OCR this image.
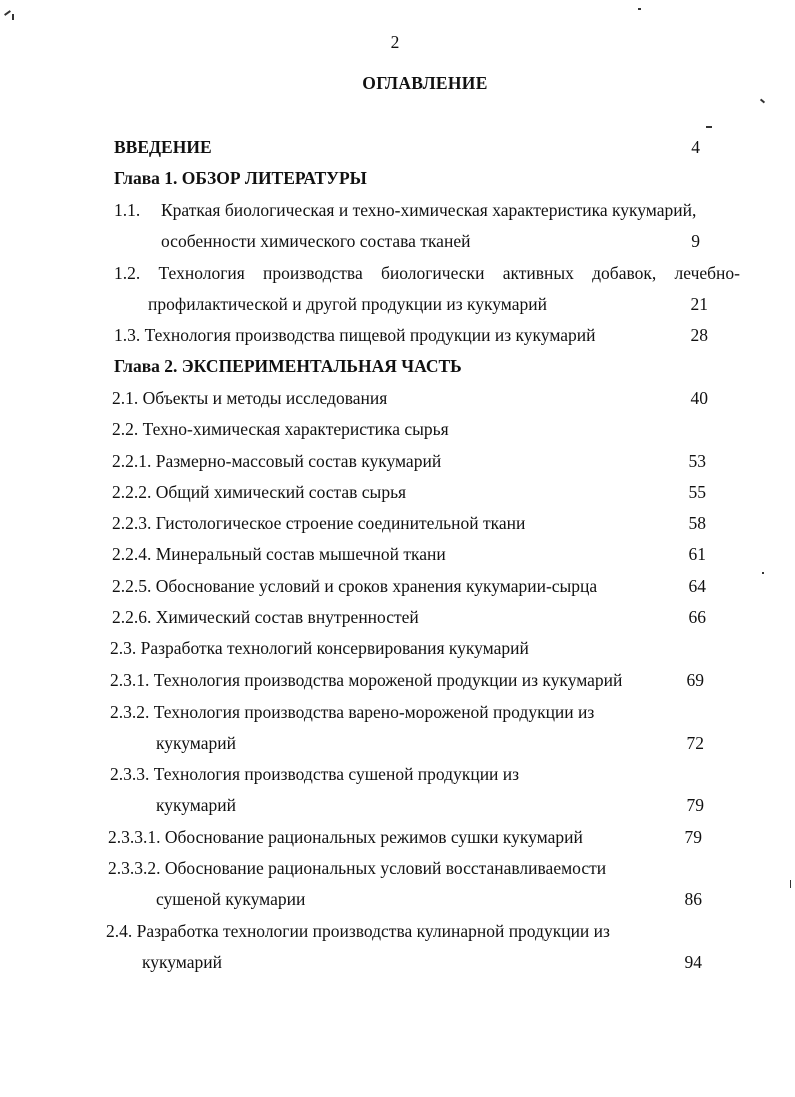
2
ОГЛАВЛЕНИЕ
ВВЕДЕНИЕ	4
Глава 1. ОБЗОР ЛИТЕРАТУРЫ
1.1. Краткая биологическая и техно-химическая характеристика кукумарий,
особенности химического состава тканей	9
1.2. Технология производства биологически активных добавок, лечебно-
профилактической и другой продукции из кукумарий	21
1.3. Технология производства пищевой продукции из кукумарий	28
Глава 2. ЭКСПЕРИМЕНТАЛЬНАЯ ЧАСТЬ
2.1. Объекты и методы исследования	40
2.2. Техно-химическая характеристика сырья
2.2.1. Размерно-массовый состав кукумарий	53
2.2.2. Общий химический состав сырья	55
2.2.3. Гистологическое строение соединительной ткани	58
2.2.4. Минеральный состав мышечной ткани	61
2.2.5. Обоснование условий и сроков хранения кукумарии-сырца	64
2.2.6. Химический состав внутренностей	66
2.3. Разработка технологий консервирования кукумарий
2.3.1. Технология производства мороженой продукции из кукумарий	69
2.3.2. Технология производства варено-мороженой продукции из
кукумарий	72
2.3.3. Технология производства сушеной продукции из
кукумарий	79
2.3.3.1. Обоснование рациональных режимов сушки кукумарий	79
2.3.3.2. Обоснование рациональных условий восстанавливаемости
сушеной кукумарии	86
2.4. Разработка технологии производства кулинарной продукции из
кукумарий	94
